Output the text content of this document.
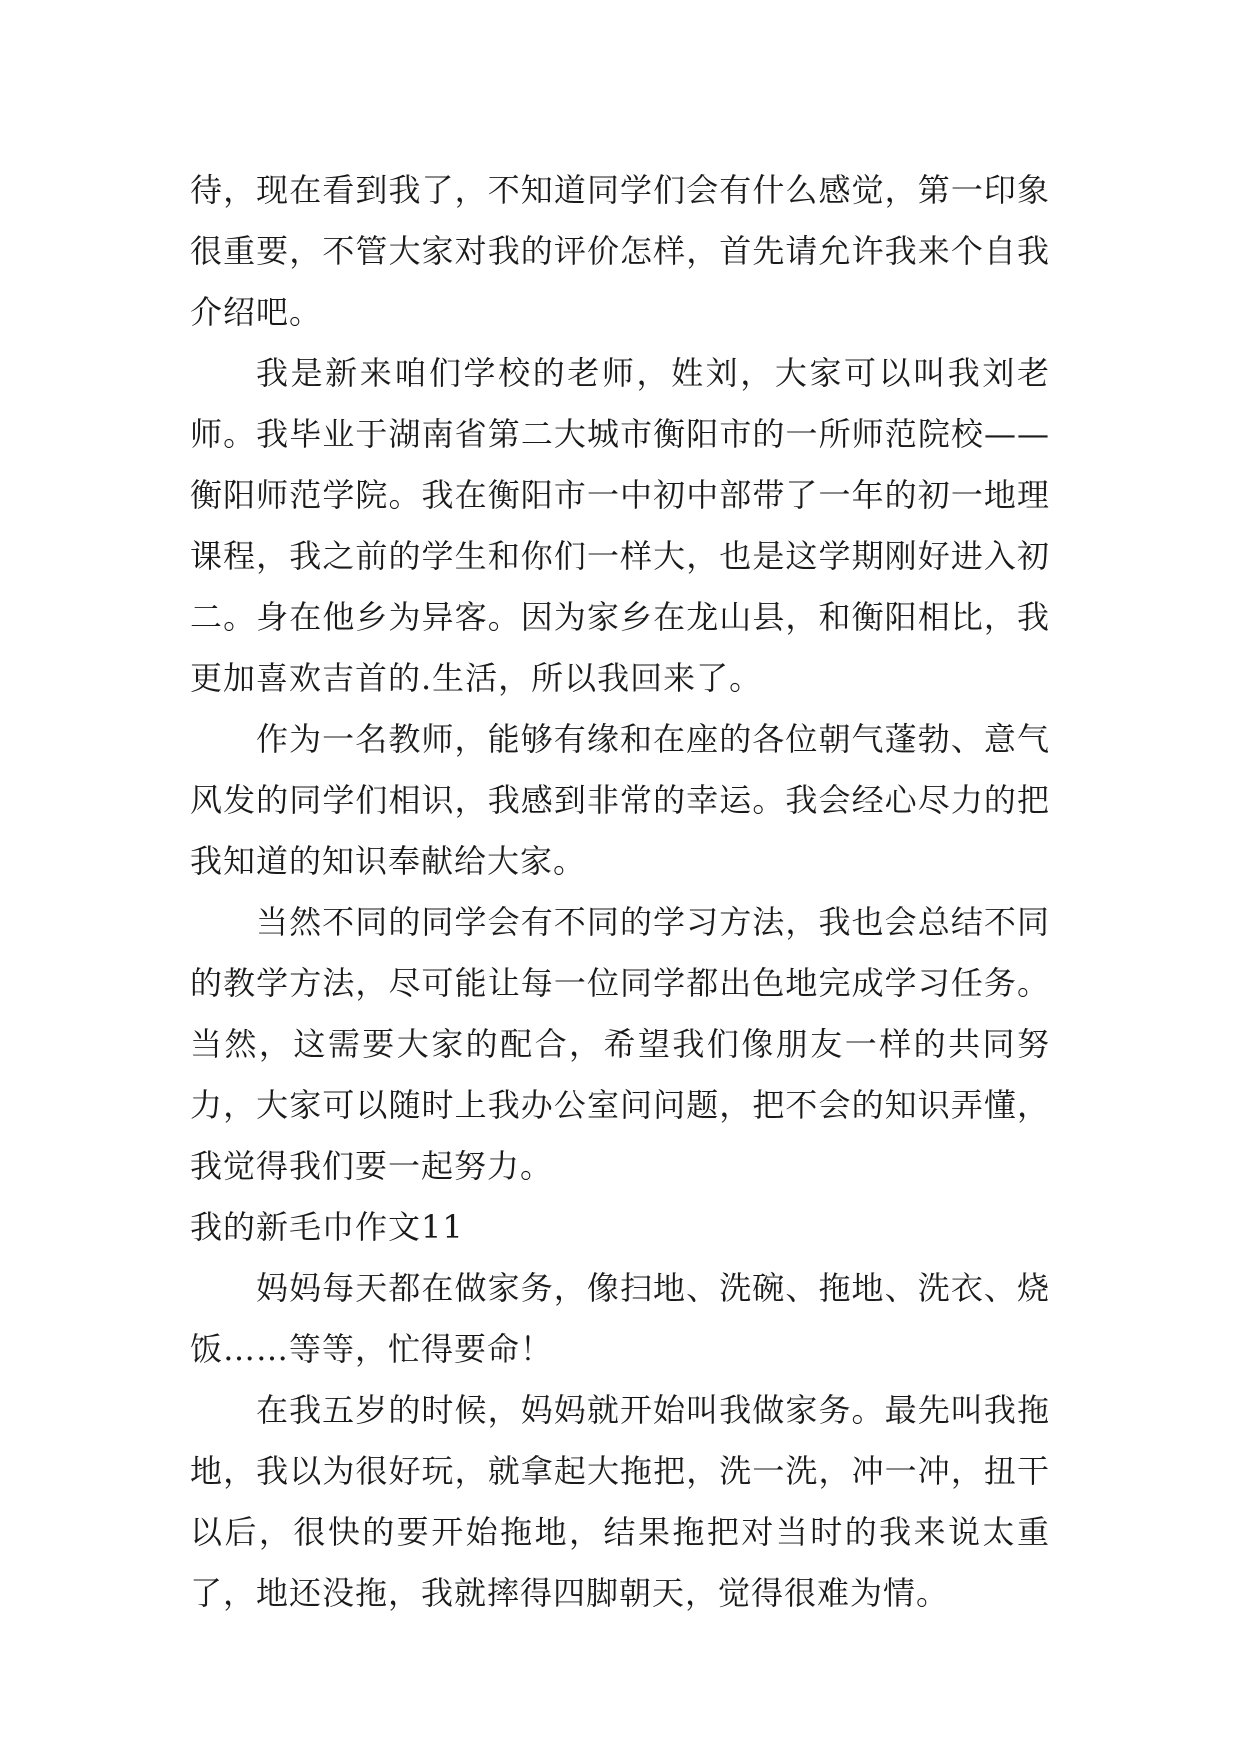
待，现在看到我了，不知道同学们会有什么感觉，第一印象很重要，不管大家对我的评价怎样，首先请允许我来个自我介绍吧。

我是新来咱们学校的老师，姓刘，大家可以叫我刘老师。我毕业于湖南省第二大城市衡阳市的一所师范院校——衡阳师范学院。我在衡阳市一中初中部带了一年的初一地理课程，我之前的学生和你们一样大，也是这学期刚好进入初二。身在他乡为异客。因为家乡在龙山县，和衡阳相比，我更加喜欢吉首的.生活，所以我回来了。

作为一名教师，能够有缘和在座的各位朝气蓬勃、意气风发的同学们相识，我感到非常的幸运。我会经心尽力的把我知道的知识奉献给大家。

当然不同的同学会有不同的学习方法，我也会总结不同的教学方法，尽可能让每一位同学都出色地完成学习任务。当然，这需要大家的配合，希望我们像朋友一样的共同努力，大家可以随时上我办公室问问题，把不会的知识弄懂，我觉得我们要一起努力。

我的新毛巾作文11

妈妈每天都在做家务，像扫地、洗碗、拖地、洗衣、烧饭……等等，忙得要命！

在我五岁的时候，妈妈就开始叫我做家务。最先叫我拖地，我以为很好玩，就拿起大拖把，洗一洗，冲一冲，扭干以后，很快的要开始拖地，结果拖把对当时的我来说太重了，地还没拖，我就摔得四脚朝天，觉得很难为情。
